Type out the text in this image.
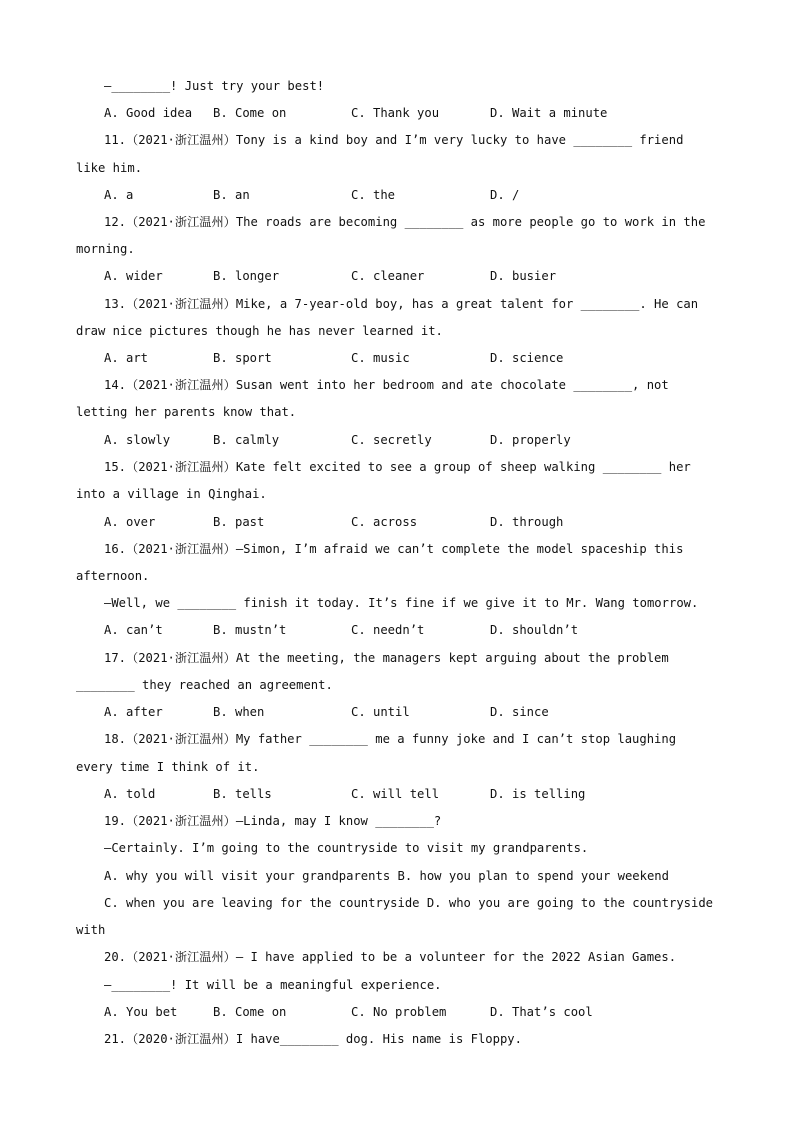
—________! Just try your best!
A. Good idea B. Come on	C. Thank you	D. Wait a minute
11.（2021·浙江温州）Tony is a kind boy and I’m very lucky to have ________ friend
like him.
A. a	B. an	C. the	D. /
12.（2021·浙江温州）The roads are becoming ________ as more people go to work in the
morning.
A. wider	B. longer	C. cleaner	D. busier
13.（2021·浙江温州）Mike, a 7-year-old boy, has a great talent for ________. He can
draw nice pictures though he has never learned it.
A. art	B. sport	C. music	D. science
14.（2021·浙江温州）Susan went into her bedroom and ate chocolate ________, not
letting her parents know that.
A. slowly	B. calmly	C. secretly	D. properly
15.（2021·浙江温州）Kate felt excited to see a group of sheep walking ________ her
into a village in Qinghai.
A. over	B. past	C. across	D. through
16.（2021·浙江温州）—Simon, I’m afraid we can’t complete the model spaceship this
afternoon.
—Well, we ________ finish it today. It’s fine if we give it to Mr. Wang tomorrow.
A. can’t	B. mustn’t	C. needn’t	D. shouldn’t
17.（2021·浙江温州）At the meeting, the managers kept arguing about the problem
________ they reached an agreement.
A. after	B. when	C. until	D. since
18.（2021·浙江温州）My father ________ me a funny joke and I can’t stop laughing
every time I think of it.
A. told	B. tells	C. will tell	D. is telling
19.（2021·浙江温州）—Linda, may I know ________?
—Certainly. I’m going to the countryside to visit my grandparents.
A. why you will visit your grandparents B. how you plan to spend your weekend
C. when you are leaving for the countryside D. who you are going to the countryside
with
20.（2021·浙江温州）— I have applied to be a volunteer for the 2022 Asian Games.
—________! It will be a meaningful experience.
A. You bet	B. Come on	C. No problem	D. That’s cool
21.（2020·浙江温州）I have________ dog. His name is Floppy.
